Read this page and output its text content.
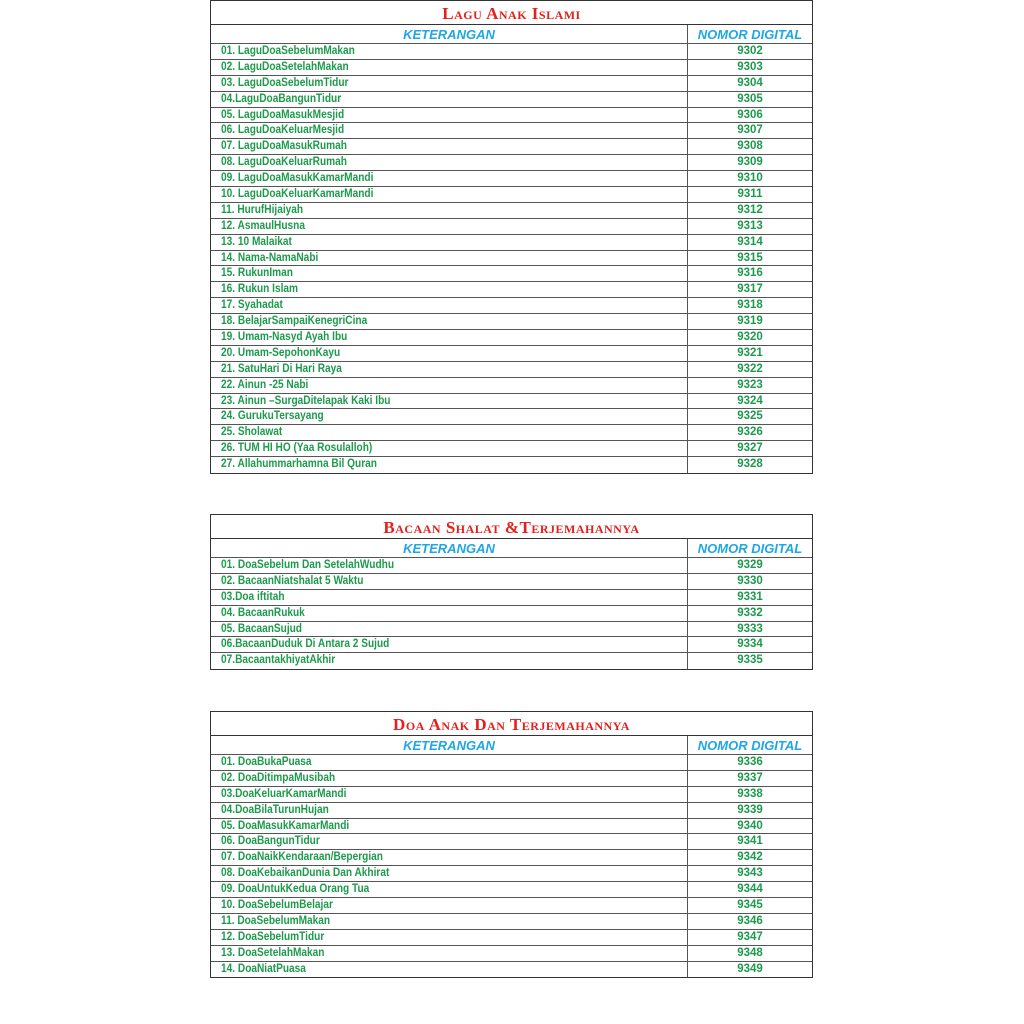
Lagu Anak Islami
KETERANGAN	NOMOR DIGITAL
01. LaguDoaSebelumMakan	9302
02. LaguDoaSetelahMakan	9303
03. LaguDoaSebelumTidur	9304
04.LaguDoaBangunTidur	9305
05. LaguDoaMasukMesjid	9306
06. LaguDoaKeluarMesjid	9307
07. LaguDoaMasukRumah	9308
08. LaguDoaKeluarRumah	9309
09. LaguDoaMasukKamarMandi	9310
10. LaguDoaKeluarKamarMandi	9311
11. HurufHijaiyah	9312
12. AsmaulHusna	9313
13. 10 Malaikat	9314
14. Nama-NamaNabi	9315
15. RukunIman	9316
16. Rukun Islam	9317
17. Syahadat	9318
18. BelajarSampaiKenegriCina	9319
19. Umam-Nasyd Ayah Ibu	9320
20. Umam-SepohonKayu	9321
21. SatuHari Di Hari Raya	9322
22. Ainun -25 Nabi	9323
23. Ainun –SurgaDitelapak Kaki Ibu	9324
24. GurukuTersayang	9325
25. Sholawat	9326
26. TUM HI HO (Yaa Rosulalloh)	9327
27. Allahummarhamna Bil Quran	9328
Bacaan Shalat &Terjemahannya
KETERANGAN	NOMOR DIGITAL
01. DoaSebelum Dan SetelahWudhu	9329
02. BacaanNiatshalat 5 Waktu	9330
03.Doa iftitah	9331
04. BacaanRukuk	9332
05. BacaanSujud	9333
06.BacaanDuduk Di Antara 2 Sujud	9334
07.BacaantakhiyatAkhir	9335
Doa Anak Dan Terjemahannya
KETERANGAN	NOMOR DIGITAL
01. DoaBukaPuasa	9336
02. DoaDitimpaMusibah	9337
03.DoaKeluarKamarMandi	9338
04.DoaBilaTurunHujan	9339
05. DoaMasukKamarMandi	9340
06. DoaBangunTidur	9341
07. DoaNaikKendaraan/Bepergian	9342
08. DoaKebaikanDunia Dan Akhirat	9343
09. DoaUntukKedua Orang Tua	9344
10. DoaSebelumBelajar	9345
11. DoaSebelumMakan	9346
12. DoaSebelumTidur	9347
13. DoaSetelahMakan	9348
14. DoaNiatPuasa	9349
